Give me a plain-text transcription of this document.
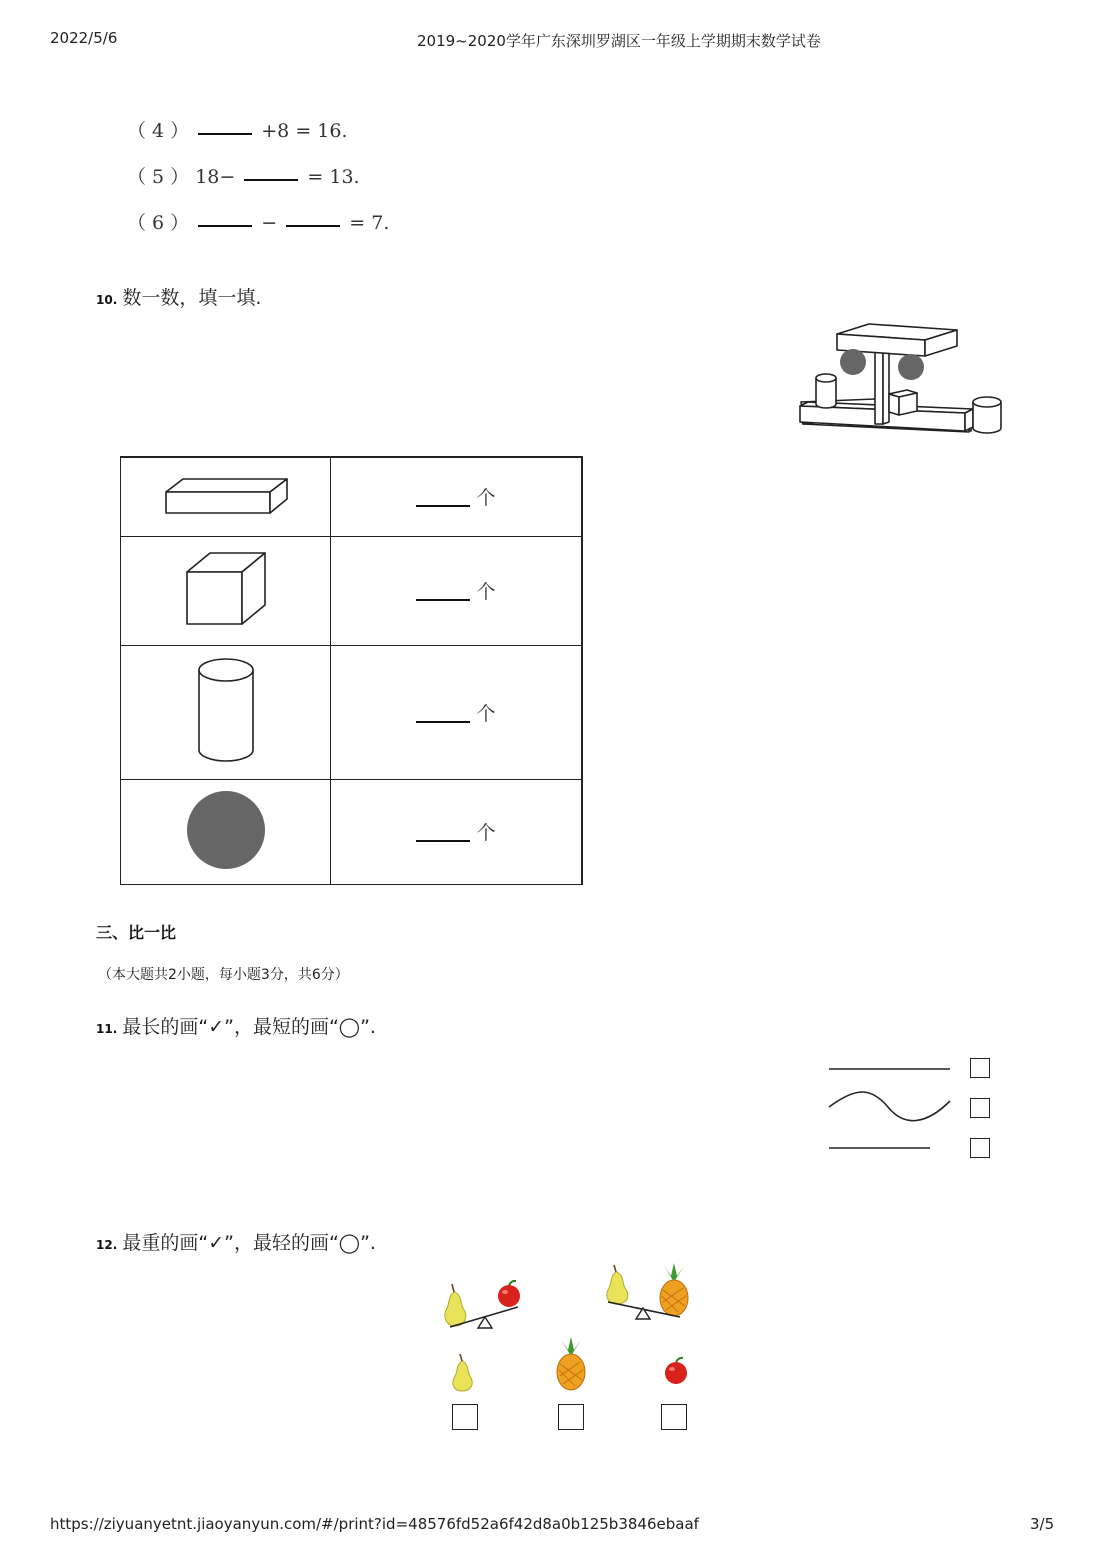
2022/5/6	2019~2020学年广东深圳罗湖区一年级上学期期末数学试卷
（ 4 ）	+8 = 16.
（ 5 ） 18−	= 13.
（ 6 ）	−	= 7.
10. 数一数，填一填.
	个
	个
	个
	个
三、比一比
（本大题共2小题，每小题3分，共6分）
11. 最长的画“✓”，最短的画“◯”.
12. 最重的画“✓”，最轻的画“◯”.
https://ziyuanyetnt.jiaoyanyun.com/#/print?id=48576fd52a6f42d8a0b125b3846ebaaf	3/5
